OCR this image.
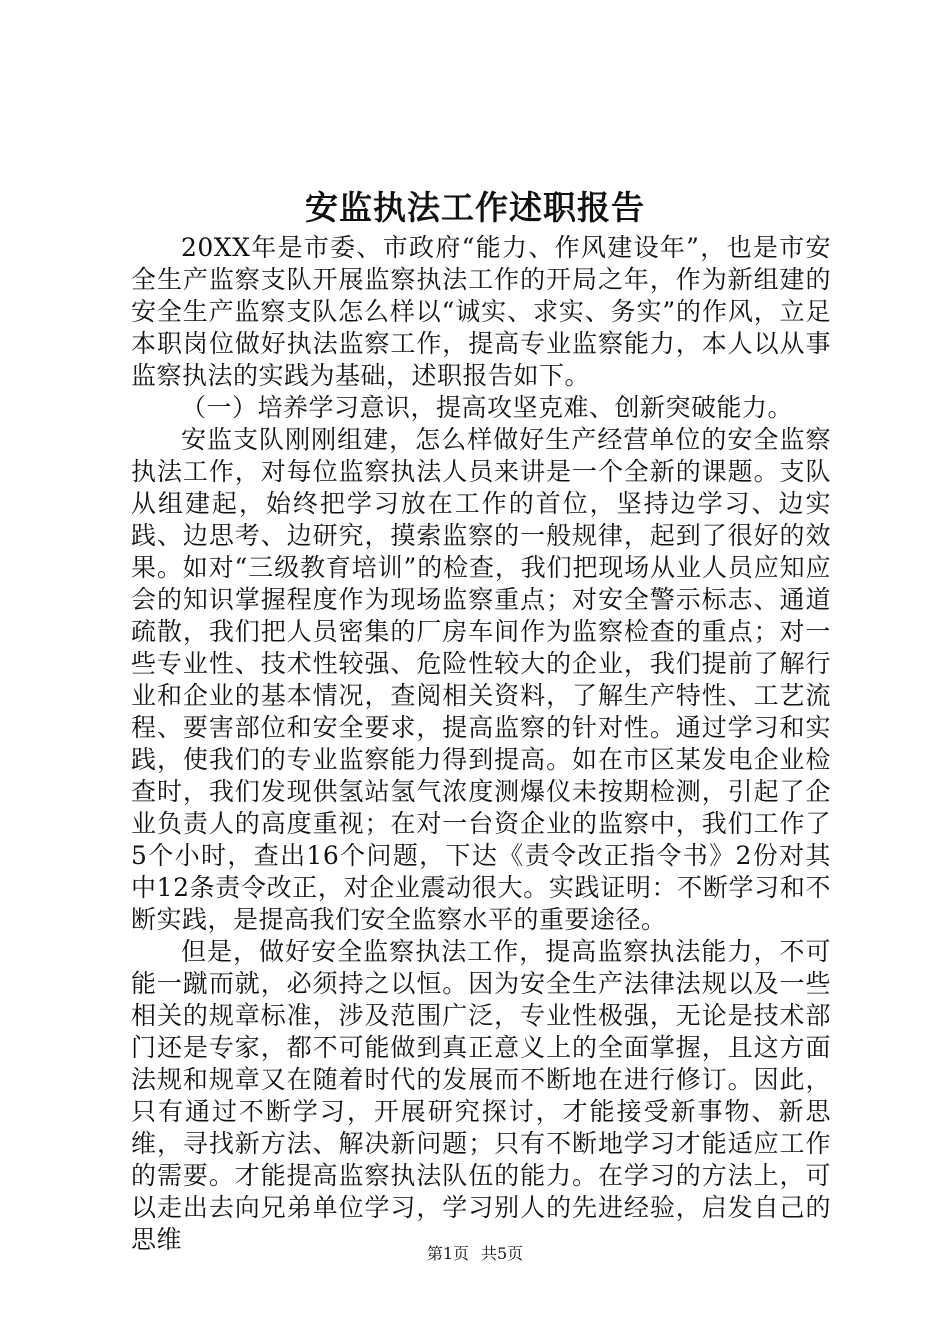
安监执法工作述职报告

20XX年是市委、市政府“能力、作风建设年”，也是市安全生产监察支队开展监察执法工作的开局之年，作为新组建的安全生产监察支队怎么样以“诚实、求实、务实”的作风，立足本职岗位做好执法监察工作，提高专业监察能力，本人以从事监察执法的实践为基础，述职报告如下。

（一）培养学习意识，提高攻坚克难、创新突破能力。

安监支队刚刚组建，怎么样做好生产经营单位的安全监察执法工作，对每位监察执法人员来讲是一个全新的课题。支队从组建起，始终把学习放在工作的首位，坚持边学习、边实践、边思考、边研究，摸索监察的一般规律，起到了很好的效果。如对“三级教育培训”的检查，我们把现场从业人员应知应会的知识掌握程度作为现场监察重点；对安全警示标志、通道疏散，我们把人员密集的厂房车间作为监察检查的重点；对一些专业性、技术性较强、危险性较大的企业，我们提前了解行业和企业的基本情况，查阅相关资料，了解生产特性、工艺流程、要害部位和安全要求，提高监察的针对性。通过学习和实践，使我们的专业监察能力得到提高。如在市区某发电企业检查时，我们发现供氢站氢气浓度测爆仪未按期检测，引起了企业负责人的高度重视；在对一台资企业的监察中，我们工作了5个小时，查出16个问题，下达《责令改正指令书》2份对其中12条责令改正，对企业震动很大。实践证明：不断学习和不断实践，是提高我们安全监察水平的重要途径。

但是，做好安全监察执法工作，提高监察执法能力，不可能一蹴而就，必须持之以恒。因为安全生产法律法规以及一些相关的规章标准，涉及范围广泛，专业性极强，无论是技术部门还是专家，都不可能做到真正意义上的全面掌握，且这方面法规和规章又在随着时代的发展而不断地在进行修订。因此，只有通过不断学习，开展研究探讨，才能接受新事物、新思维，寻找新方法、解决新问题；只有不断地学习才能适应工作的需要。才能提高监察执法队伍的能力。在学习的方法上，可以走出去向兄弟单位学习，学习别人的先进经验，启发自己的思维	第1页 共5页
